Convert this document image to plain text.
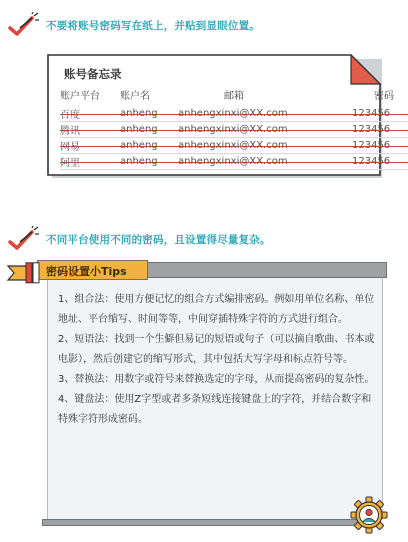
不要将账号密码写在纸上，并贴到显眼位置。
账号备忘录
账户平台	账户名	邮箱	密码
百度	anheng	anhengxinxi@XX.com	123456
腾讯	anheng	anhengxinxi@XX.com	123456
网易	anheng	anhengxinxi@XX.com	123456
阿里	anheng	anhengxinxi@XX.com	123456
不同平台使用不同的密码，且设置得尽量复杂。
密码设置小Tips

1、组合法：使用方便记忆的组合方式编排密码。例如用单位名称、单位地址、平台缩写、时间等等，中间穿插特殊字符的方式进行组合。

2、短语法：找到一个生僻但易记的短语或句子（可以摘自歌曲、书本或电影），然后创建它的缩写形式，其中包括大写字母和标点符号等。

3、替换法：用数字或符号来替换选定的字母，从而提高密码的复杂性。

4、键盘法：使用Z字型或者多条短线连接键盘上的字符，并结合数字和特殊字符形成密码。
